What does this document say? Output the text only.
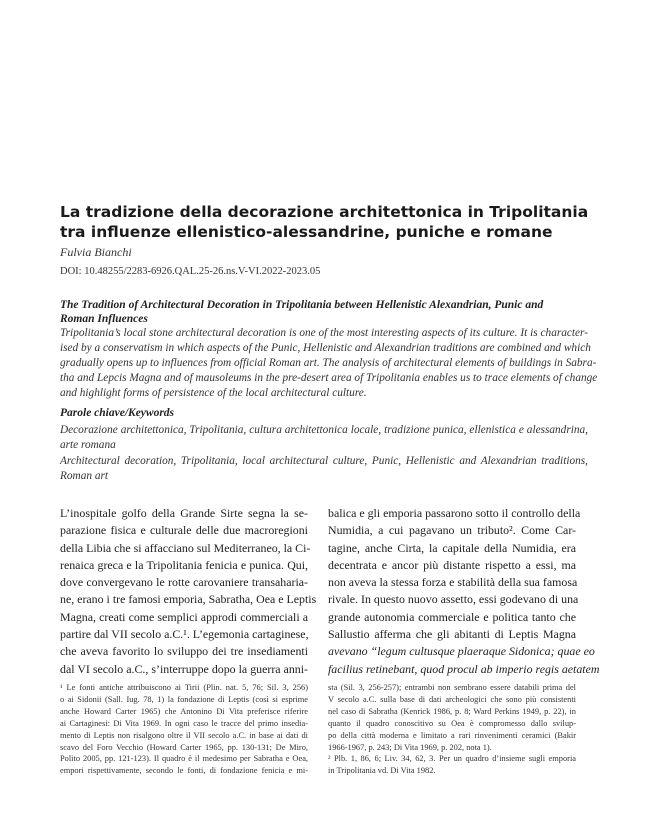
La tradizione della decorazione architettonica in Tripolitania
tra influenze ellenistico-alessandrine, puniche e romane
Fulvia Bianchi
DOI: 10.48255/2283-6926.QAL.25-26.ns.V-VI.2022-2023.05
The Tradition of Architectural Decoration in Tripolitania between Hellenistic Alexandrian, Punic and
Roman Influences
Tripolitania’s local stone architectural decoration is one of the most interesting aspects of its culture. It is character-
ised by a conservatism in which aspects of the Punic, Hellenistic and Alexandrian traditions are combined and which
gradually opens up to influences from official Roman art. The analysis of architectural elements of buildings in Sabra-
tha and Lepcis Magna and of mausoleums in the pre-desert area of Tripolitania enables us to trace elements of change
and highlight forms of persistence of the local architectural culture.
Parole chiave/Keywords
Decorazione architettonica, Tripolitania, cultura architettonica locale, tradizione punica, ellenistica e alessandrina,
arte romana
Architectural decoration, Tripolitania, local architectural culture, Punic, Hellenistic and Alexandrian traditions,
Roman art
L’inospitale golfo della Grande Sirte segna la se-
parazione fisica e culturale delle due macroregioni
della Libia che si affacciano sul Mediterraneo, la Ci-
renaica greca e la Tripolitania fenicia e punica. Qui,
dove convergevano le rotte carovaniere transaharia-
ne, erano i tre famosi emporia, Sabratha, Oea e Leptis
Magna, creati come semplici approdi commerciali a
partire dal VII secolo a.C.¹. L’egemonia cartaginese,
che aveva favorito lo sviluppo dei tre insediamenti
dal VI secolo a.C., s’interruppe dopo la guerra anni-
balica e gli emporia passarono sotto il controllo della
Numidia, a cui pagavano un tributo². Come Car-
tagine, anche Cirta, la capitale della Numidia, era
decentrata e ancor più distante rispetto a essi, ma
non aveva la stessa forza e stabilità della sua famosa
rivale. In questo nuovo assetto, essi godevano di una
grande autonomia commerciale e politica tanto che
Sallustio afferma che gli abitanti di Leptis Magna
avevano “legum cultusque plaeraque Sidonica; quae eo
facilius retinebant, quod procul ab imperio regis aetatem
¹ Le fonti antiche attribuiscono ai Tirii (Plin. nat. 5, 76; Sil. 3, 256)
o ai Sidonii (Sall. Iug. 78, 1) la fondazione di Leptis (così si esprime
anche Howard Carter 1965) che Antonino Di Vita preferisce riferire
ai Cartaginesi: Di Vita 1969. In ogni caso le tracce del primo insedia-
mento di Leptis non risalgono oltre il VII secolo a.C. in base ai dati di
scavo del Foro Vecchio (Howard Carter 1965, pp. 130-131; De Miro,
Polito 2005, pp. 121-123). Il quadro è il medesimo per Sabratha e Oea,
empori rispettivamente, secondo le fonti, di fondazione fenicia e mi-
sta (Sil. 3, 256-257); entrambi non sembrano essere databili prima del
V secolo a.C. sulla base di dati archeologici che sono più consistenti
nel caso di Sabratha (Kenrick 1986, p. 8; Ward Perkins 1949, p. 22), in
quanto il quadro conoscitivo su Oea è compromesso dallo svilup-
po della città moderna e limitato a rari rinvenimenti ceramici (Bakir
1966-1967, p. 243; Di Vita 1969, p. 202, nota 1).
² Plb. 1, 86, 6; Liv. 34, 62, 3. Per un quadro d’insieme sugli emporia
in Tripolitania vd. Di Vita 1982.
